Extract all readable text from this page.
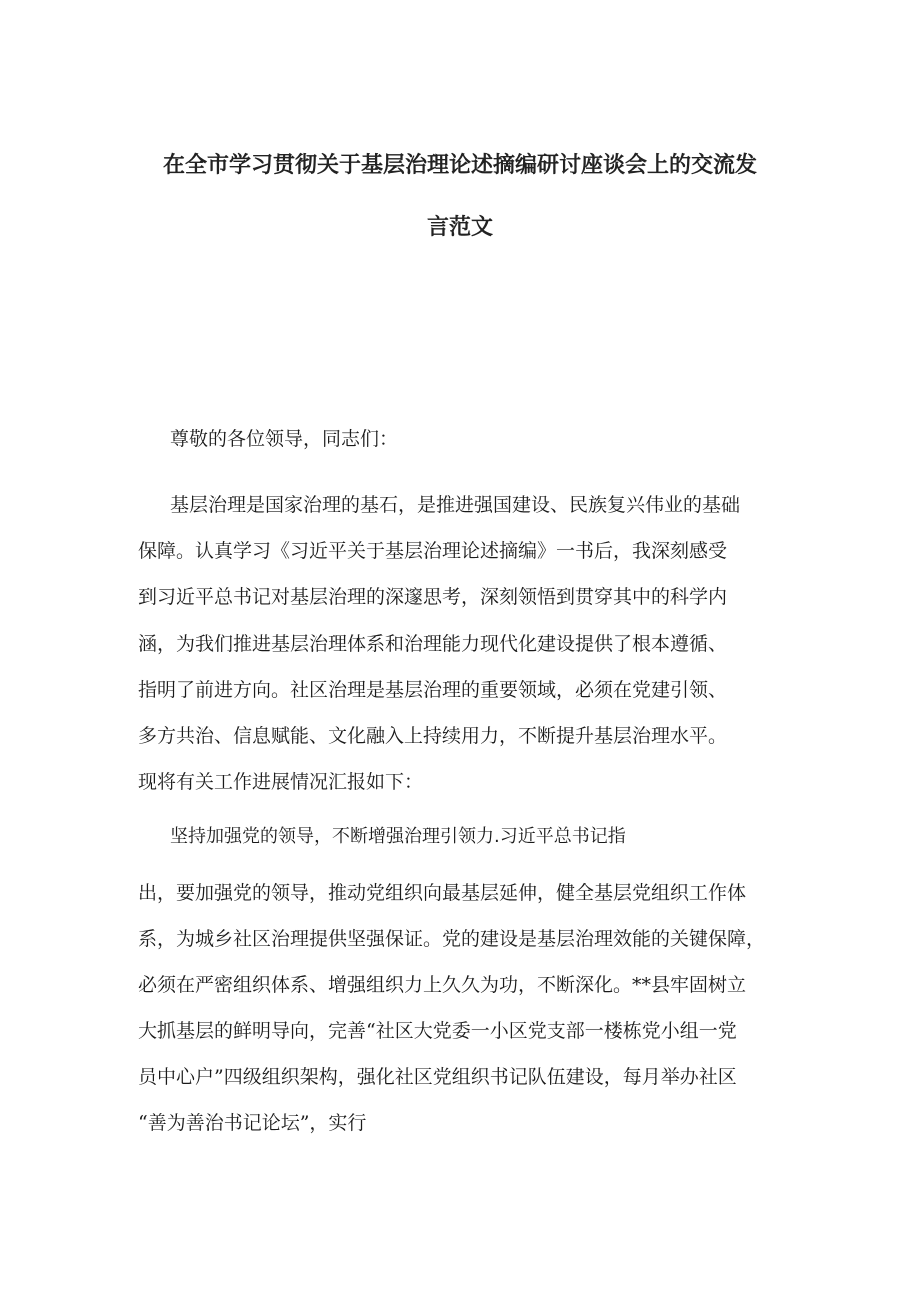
在全市学习贯彻关于基层治理论述摘编研讨座谈会上的交流发
言范文

尊敬的各位领导，同志们：

基层治理是国家治理的基石，是推进强国建设、民族复兴伟业的基础

保障。认真学习《习近平关于基层治理论述摘编》一书后，我深刻感受

到习近平总书记对基层治理的深邃思考，深刻领悟到贯穿其中的科学内

涵，为我们推进基层治理体系和治理能力现代化建设提供了根本遵循、

指明了前进方向。社区治理是基层治理的重要领域，必须在党建引领、

多方共治、信息赋能、文化融入上持续用力，不断提升基层治理水平。

现将有关工作进展情况汇报如下：

坚持加强党的领导，不断增强治理引领力.习近平总书记指

出，要加强党的领导，推动党组织向最基层延伸，健全基层党组织工作体

系，为城乡社区治理提供坚强保证。党的建设是基层治理效能的关键保障，

必须在严密组织体系、增强组织力上久久为功，不断深化。**县牢固树立

大抓基层的鲜明导向，完善“社区大党委一小区党支部一楼栋党小组一党

员中心户”四级组织架构，强化社区党组织书记队伍建设，每月举办社区

“善为善治书记论坛”，实行
